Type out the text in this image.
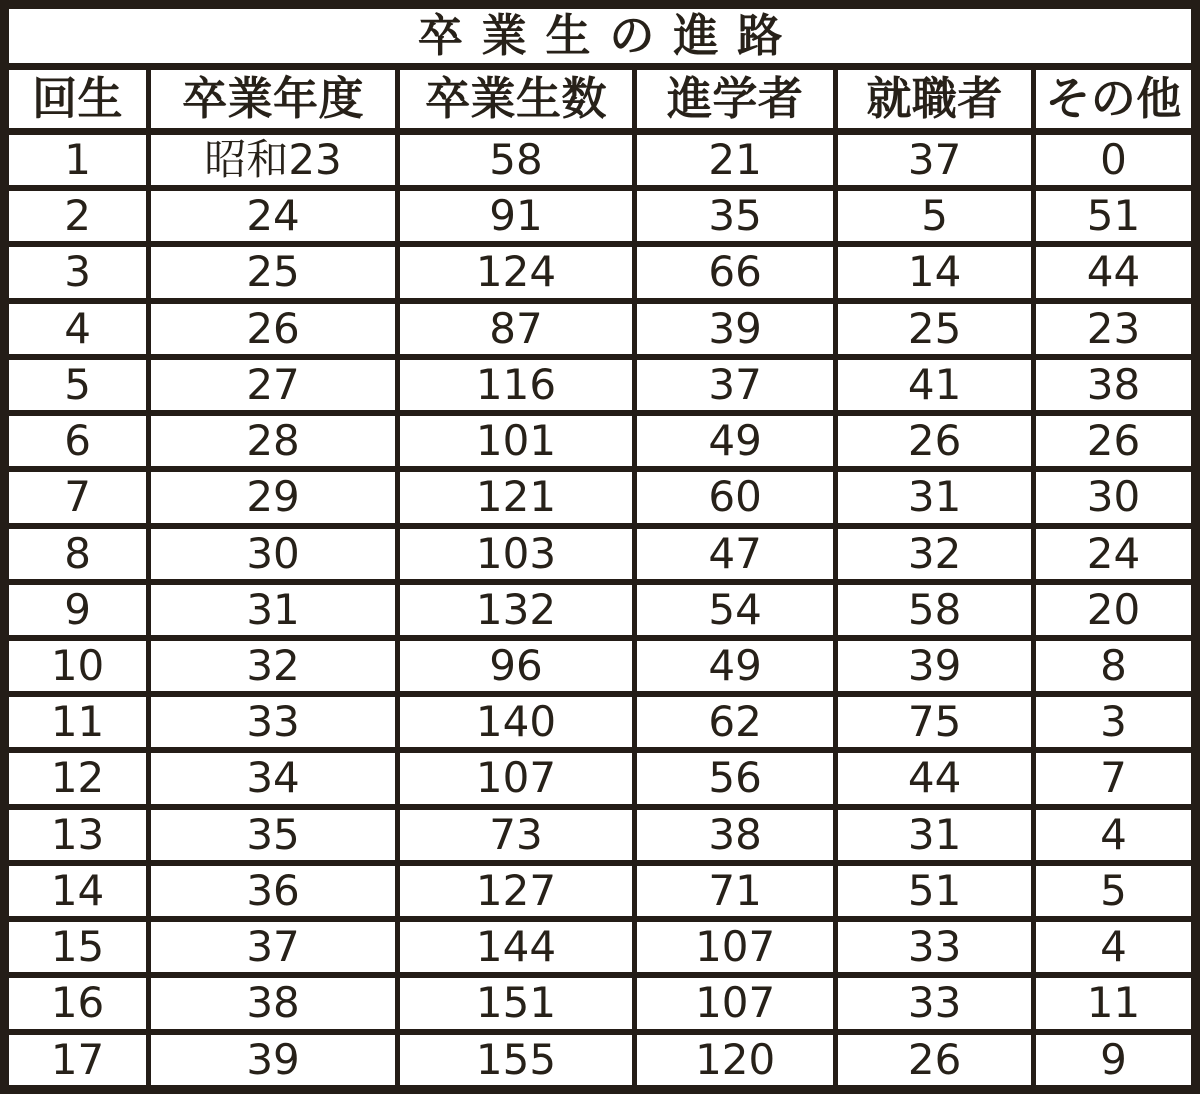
卒業生の進路					
回生	卒業年度	卒業生数	進学者	就職者	その他
1	昭和23	58	21	37	0
2	24	91	35	5	51
3	25	124	66	14	44
4	26	87	39	25	23
5	27	116	37	41	38
6	28	101	49	26	26
7	29	121	60	31	30
8	30	103	47	32	24
9	31	132	54	58	20
10	32	96	49	39	8
11	33	140	62	75	3
12	34	107	56	44	7
13	35	73	38	31	4
14	36	127	71	51	5
15	37	144	107	33	4
16	38	151	107	33	11
17	39	155	120	26	9
